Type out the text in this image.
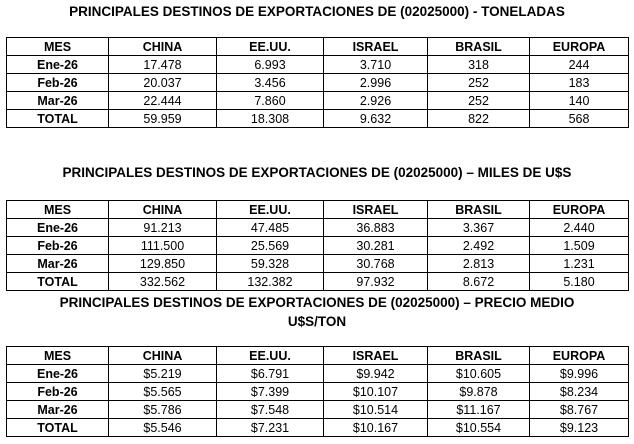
PRINCIPALES DESTINOS DE EXPORTACIONES DE (02025000) - TONELADAS
MES	CHINA	EE.UU.	ISRAEL	BRASIL	EUROPA
Ene-26	17.478	6.993	3.710	318	244
Feb-26	20.037	3.456	2.996	252	183
Mar-26	22.444	7.860	2.926	252	140
TOTAL	59.959	18.308	9.632	822	568
PRINCIPALES DESTINOS DE EXPORTACIONES DE (02025000) – MILES DE U$S
MES	CHINA	EE.UU.	ISRAEL	BRASIL	EUROPA
Ene-26	91.213	47.485	36.883	3.367	2.440
Feb-26	111.500	25.569	30.281	2.492	1.509
Mar-26	129.850	59.328	30.768	2.813	1.231
TOTAL	332.562	132.382	97.932	8.672	5.180
PRINCIPALES DESTINOS DE EXPORTACIONES DE (02025000) – PRECIO MEDIO
U$S/TON
MES	CHINA	EE.UU.	ISRAEL	BRASIL	EUROPA
Ene-26	$5.219	$6.791	$9.942	$10.605	$9.996
Feb-26	$5.565	$7.399	$10.107	$9.878	$8.234
Mar-26	$5.786	$7.548	$10.514	$11.167	$8.767
TOTAL	$5.546	$7.231	$10.167	$10.554	$9.123
